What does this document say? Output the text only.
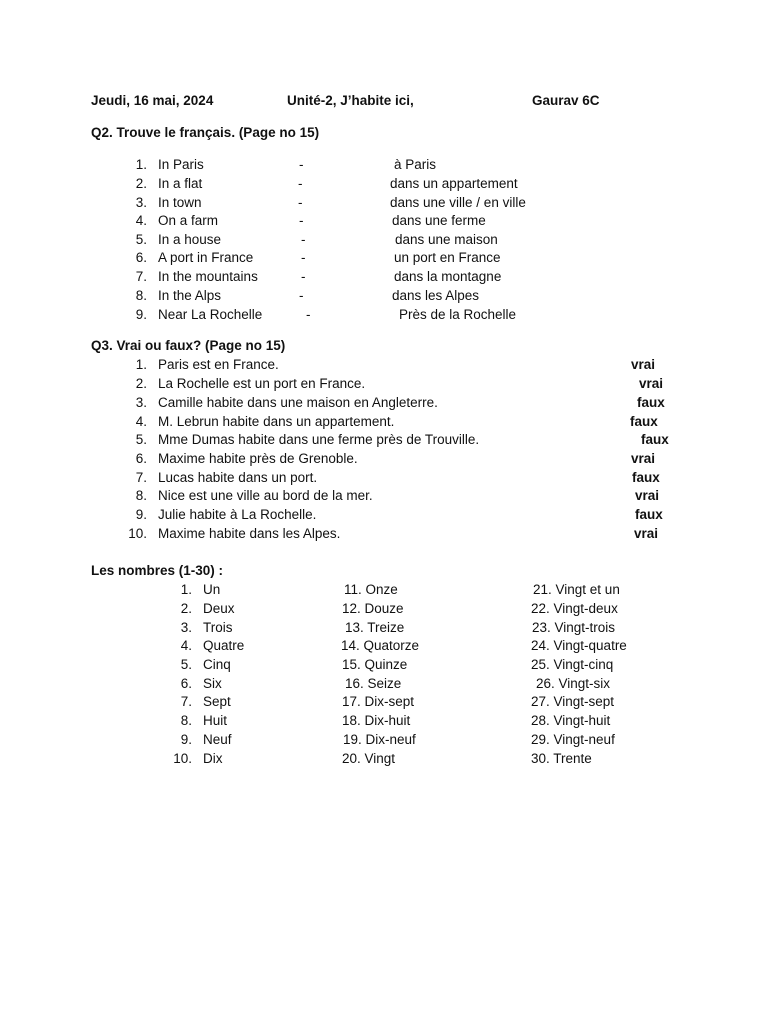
Jeudi, 16 mai, 2024	Unité-2, J’habite ici,	Gaurav 6C
Q2. Trouve le français. (Page no 15)
1. In Paris	-	à Paris
2. In a flat	-	dans un appartement
3. In town	-	dans une ville / en ville
4. On a farm	-	dans une ferme
5. In a house	-	dans une maison
6. A port in France	-	un port en France
7. In the mountains	-	dans la montagne
8. In the Alps	-	dans les Alpes
9. Near La Rochelle	-	Près de la Rochelle
Q3. Vrai ou faux? (Page no 15)
1. Paris est en France.	vrai
2. La Rochelle est un port en France.	vrai
3. Camille habite dans une maison en Angleterre.	faux
4. M. Lebrun habite dans un appartement.	faux
5. Mme Dumas habite dans une ferme près de Trouville.	faux
6. Maxime habite près de Grenoble.	vrai
7. Lucas habite dans un port.	faux
8. Nice est une ville au bord de la mer.	vrai
9. Julie habite à La Rochelle.	faux
10. Maxime habite dans les Alpes.	vrai
Les nombres (1-30) :
1. Un	11. Onze	21. Vingt et un
2. Deux	12. Douze	22. Vingt-deux
3. Trois	13. Treize	23. Vingt-trois
4. Quatre	14. Quatorze	24. Vingt-quatre
5. Cinq	15. Quinze	25. Vingt-cinq
6. Six	16. Seize	26. Vingt-six
7. Sept	17. Dix-sept	27. Vingt-sept
8. Huit	18. Dix-huit	28. Vingt-huit
9. Neuf	19. Dix-neuf	29. Vingt-neuf
10. Dix	20. Vingt	30. Trente
